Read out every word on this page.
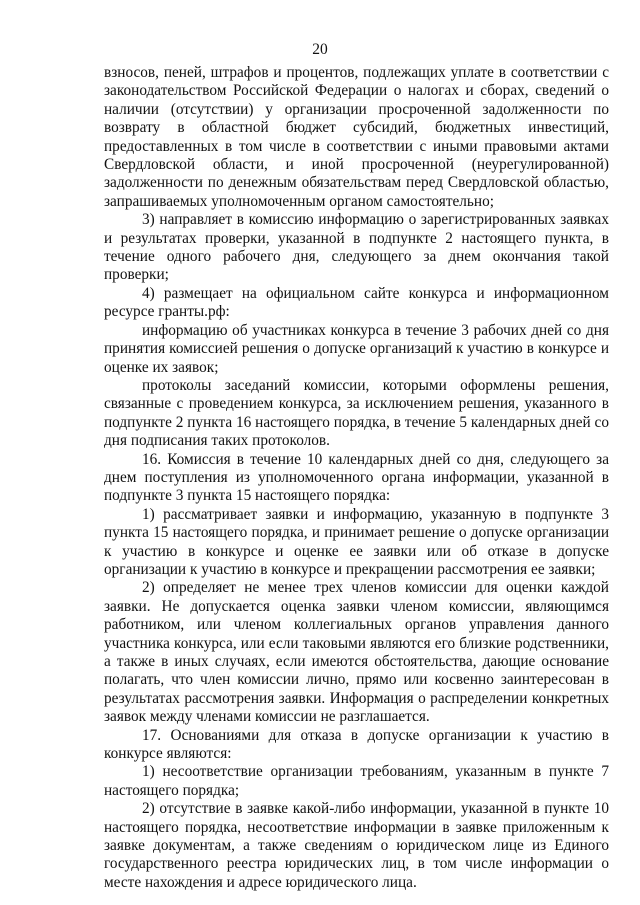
20

взносов, пеней, штрафов и процентов, подлежащих уплате в соответствии с законодательством Российской Федерации о налогах и сборах, сведений о наличии (отсутствии) у организации просроченной задолженности по возврату в областной бюджет субсидий, бюджетных инвестиций, предоставленных в том числе в соответствии с иными правовыми актами Свердловской области, и иной просроченной (неурегулированной) задолженности по денежным обязательствам перед Свердловской областью, запрашиваемых уполномоченным органом самостоятельно;

3) направляет в комиссию информацию о зарегистрированных заявках и результатах проверки, указанной в подпункте 2 настоящего пункта, в течение одного рабочего дня, следующего за днем окончания такой проверки;

4) размещает на официальном сайте конкурса и информационном ресурсе гранты.рф:

информацию об участниках конкурса в течение 3 рабочих дней со дня принятия комиссией решения о допуске организаций к участию в конкурсе и оценке их заявок;

протоколы заседаний комиссии, которыми оформлены решения, связанные с проведением конкурса, за исключением решения, указанного в подпункте 2 пункта 16 настоящего порядка, в течение 5 календарных дней со дня подписания таких протоколов.

16. Комиссия в течение 10 календарных дней со дня, следующего за днем поступления из уполномоченного органа информации, указанной в подпункте 3 пункта 15 настоящего порядка:

1) рассматривает заявки и информацию, указанную в подпункте 3 пункта 15 настоящего порядка, и принимает решение о допуске организации к участию в конкурсе и оценке ее заявки или об отказе в допуске организации к участию в конкурсе и прекращении рассмотрения ее заявки;

2) определяет не менее трех членов комиссии для оценки каждой заявки. Не допускается оценка заявки членом комиссии, являющимся работником, или членом коллегиальных органов управления данного участника конкурса, или если таковыми являются его близкие родственники, а также в иных случаях, если имеются обстоятельства, дающие основание полагать, что член комиссии лично, прямо или косвенно заинтересован в результатах рассмотрения заявки. Информация о распределении конкретных заявок между членами комиссии не разглашается.

17. Основаниями для отказа в допуске организации к участию в конкурсе являются:

1) несоответствие организации требованиям, указанным в пункте 7 настоящего порядка;

2) отсутствие в заявке какой-либо информации, указанной в пункте 10 настоящего порядка, несоответствие информации в заявке приложенным к заявке документам, а также сведениям о юридическом лице из Единого государственного реестра юридических лиц, в том числе информации о месте нахождения и адресе юридического лица.
